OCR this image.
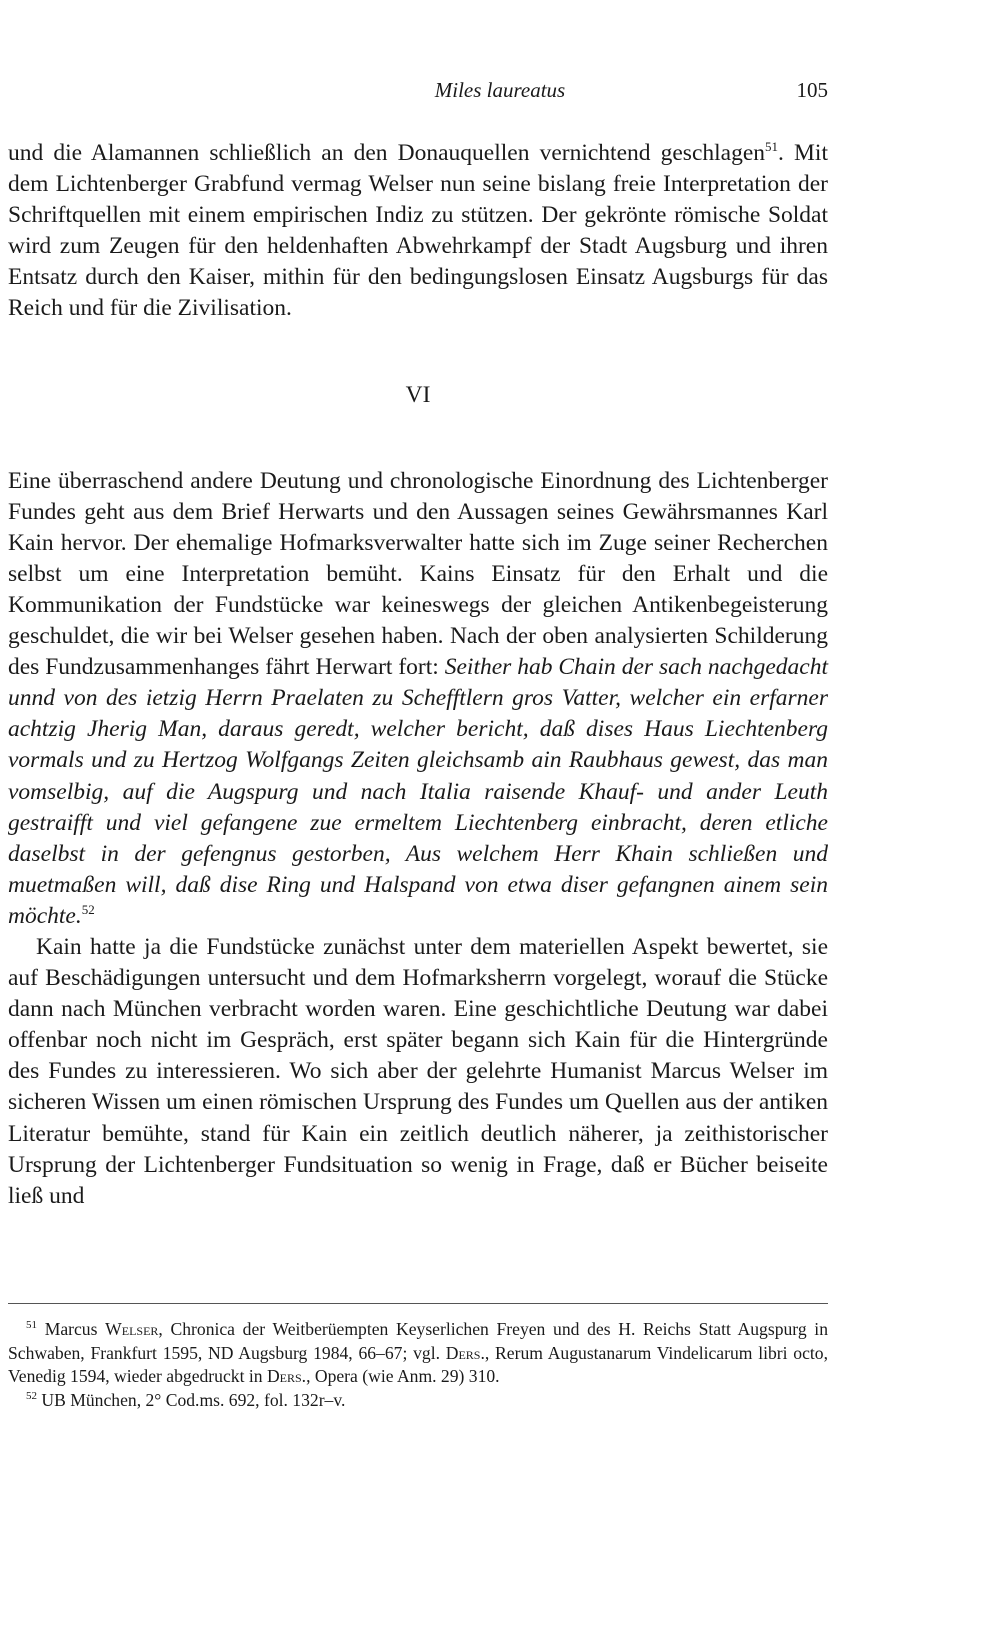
Miles laureatus	105

und die Alamannen schließlich an den Donauquellen vernichtend geschlagen$^{51}$. Mit dem Lichtenberger Grabfund vermag Welser nun seine bislang freie Interpretation der Schriftquellen mit einem empirischen Indiz zu stützen. Der gekrönte römische Soldat wird zum Zeugen für den heldenhaften Abwehrkampf der Stadt Augsburg und ihren Entsatz durch den Kaiser, mithin für den bedingungslosen Einsatz Augsburgs für das Reich und für die Zivilisation.

VI

Eine überraschend andere Deutung und chronologische Einordnung des Lichtenberger Fundes geht aus dem Brief Herwarts und den Aussagen seines Gewährsmannes Karl Kain hervor. Der ehemalige Hofmarksverwalter hatte sich im Zuge seiner Recherchen selbst um eine Interpretation bemüht. Kains Einsatz für den Erhalt und die Kommunikation der Fundstücke war keineswegs der gleichen Antikenbegeisterung geschuldet, die wir bei Welser gesehen haben. Nach der oben analysierten Schilderung des Fundzusammenhanges fährt Herwart fort: Seither hab Chain der sach nachgedacht unnd von des ietzig Herrn Praelaten zu Schefftlern gros Vatter, welcher ein erfarner achtzig Jherig Man, daraus geredt, welcher bericht, daß dises Haus Liechtenberg vormals und zu Hertzog Wolfgangs Zeiten gleichsamb ain Raubhaus gewest, das man vomselbig, auf die Augspurg und nach Italia raisende Khauf- und ander Leuth gestraifft und viel gefangene zue ermeltem Liechtenberg einbracht, deren etliche daselbst in der gefengnus gestorben, Aus welchem Herr Khain schließen und muetmaßen will, daß dise Ring und Halspand von etwa diser gefangnen ainem sein möchte.$^{52}$

Kain hatte ja die Fundstücke zunächst unter dem materiellen Aspekt bewertet, sie auf Beschädigungen untersucht und dem Hofmarksherrn vorgelegt, worauf die Stücke dann nach München verbracht worden waren. Eine geschichtliche Deutung war dabei offenbar noch nicht im Gespräch, erst später begann sich Kain für die Hintergründe des Fundes zu interessieren. Wo sich aber der gelehrte Humanist Marcus Welser im sicheren Wissen um einen römischen Ursprung des Fundes um Quellen aus der antiken Literatur bemühte, stand für Kain ein zeitlich deutlich näherer, ja zeithistorischer Ursprung der Lichtenberger Fundsituation so wenig in Frage, daß er Bücher beiseite ließ und

$^{51}$ Marcus Welser, Chronica der Weitberüempten Keyserlichen Freyen und des H. Reichs Statt Augspurg in Schwaben, Frankfurt 1595, ND Augsburg 1984, 66–67; vgl. Ders., Rerum Augustanarum Vindelicarum libri octo, Venedig 1594, wieder abgedruckt in Ders., Opera (wie Anm. 29) 310.

$^{52}$ UB München, 2° Cod.ms. 692, fol. 132r–v.
